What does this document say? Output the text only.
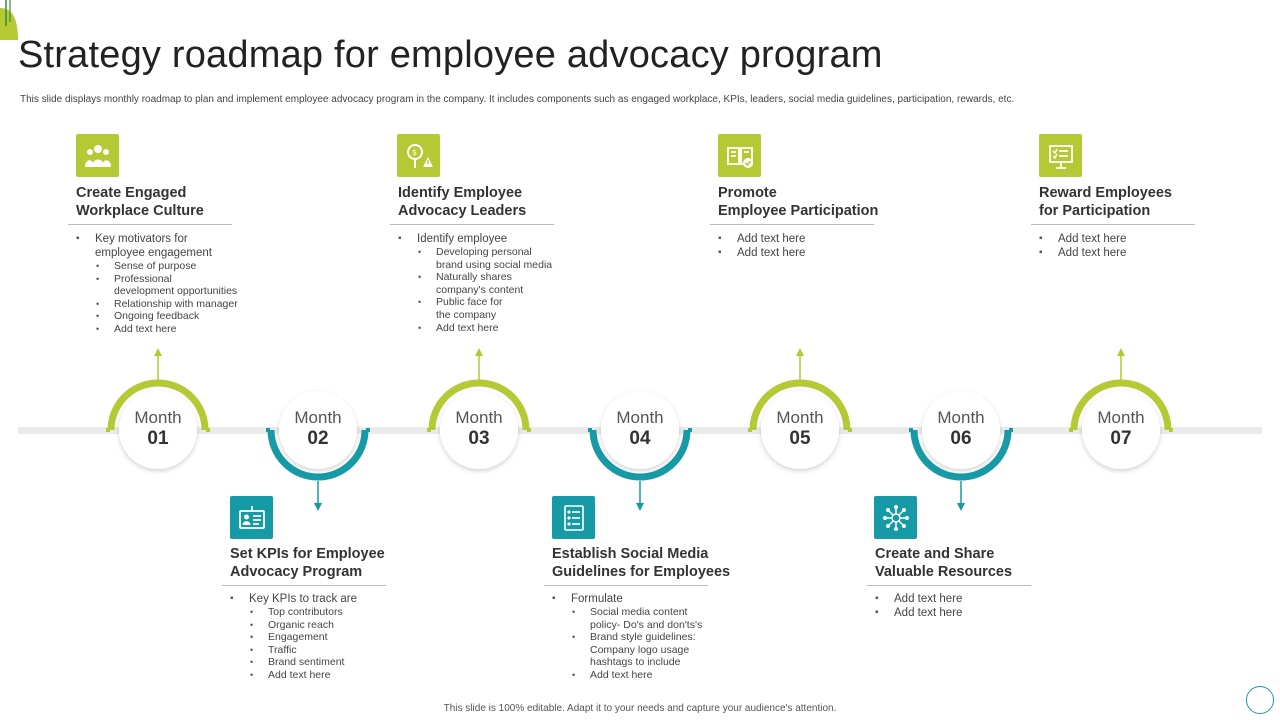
Strategy roadmap for employee advocacy program
This slide displays monthly roadmap to plan and implement employee advocacy program in the company. It includes components such as engaged workplace, KPIs, leaders, social media guidelines, participation, rewards, etc.
Month
01
Month
02
Month
03
Month
04
Month
05
Month
06
Month
07
Create Engaged
Workplace Culture
▪ Key motivators for
employee engagement
• Sense of purpose
• Professional
development opportunities
• Relationship with manager
• Ongoing feedback
• Add text here
$
Identify Employee
Advocacy Leaders
▪ Identify employee
• Developing personal
brand using social media
• Naturally shares
company's content
• Public face for
the company
• Add text here
Promote
Employee Participation
▪ Add text here
▪ Add text here
Reward Employees
for Participation
▪ Add text here
▪ Add text here
Set KPIs for Employee
Advocacy Program
▪ Key KPIs to track are
• Top contributors
• Organic reach
• Engagement
• Traffic
• Brand sentiment
• Add text here
Establish Social Media
Guidelines for Employees
▪ Formulate
• Social media content
policy- Do's and don'ts's
• Brand style guidelines:
Company logo usage
hashtags to include
• Add text here
Create and Share
Valuable Resources
▪ Add text here
▪ Add text here
This slide is 100% editable. Adapt it to your needs and capture your audience's attention.
